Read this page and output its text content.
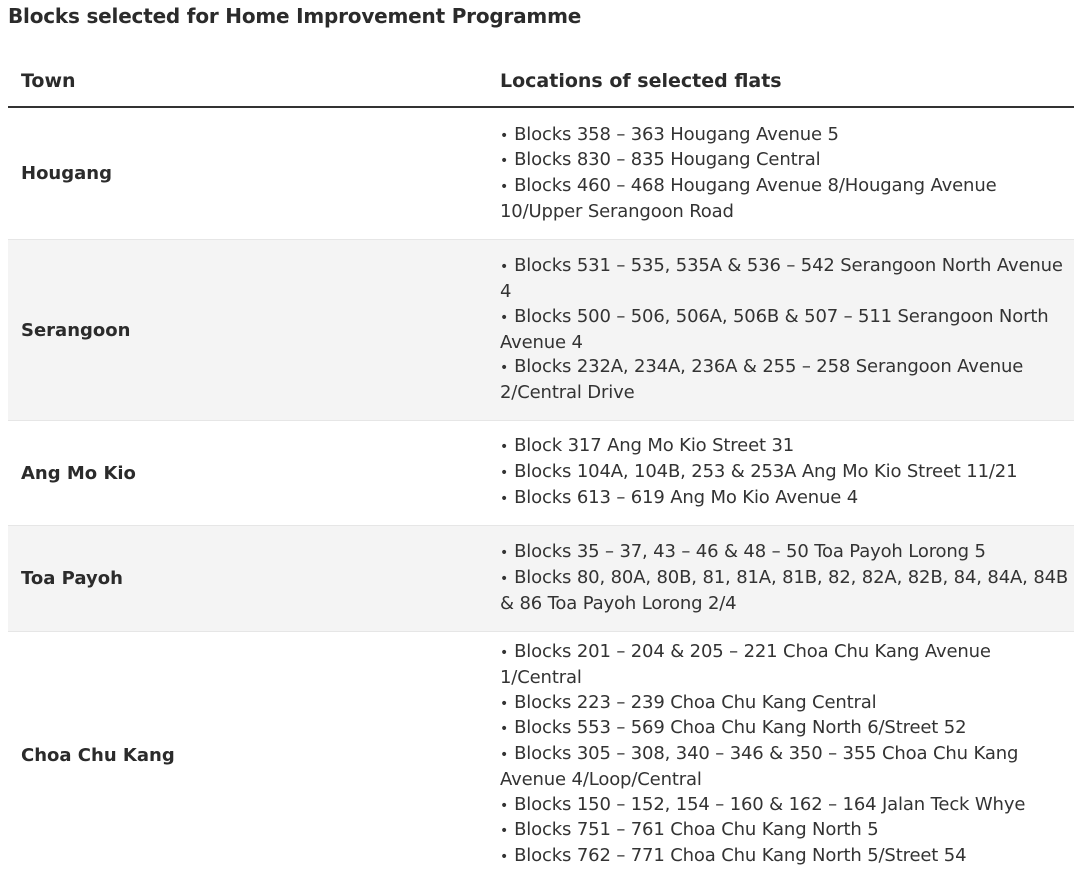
Blocks selected for Home Improvement Programme
Town	Locations of selected flats
Hougang
• Blocks 358 – 363 Hougang Avenue 5
• Blocks 830 – 835 Hougang Central
• Blocks 460 – 468 Hougang Avenue 8/Hougang Avenue 10/Upper Serangoon Road
Serangoon
• Blocks 531 – 535, 535A & 536 – 542 Serangoon North Avenue 4
• Blocks 500 – 506, 506A, 506B & 507 – 511 Serangoon North Avenue 4
• Blocks 232A, 234A, 236A & 255 – 258 Serangoon Avenue 2/Central Drive
Ang Mo Kio
• Block 317 Ang Mo Kio Street 31
• Blocks 104A, 104B, 253 & 253A Ang Mo Kio Street 11/21
• Blocks 613 – 619 Ang Mo Kio Avenue 4
Toa Payoh
• Blocks 35 – 37, 43 – 46 & 48 – 50 Toa Payoh Lorong 5
• Blocks 80, 80A, 80B, 81, 81A, 81B, 82, 82A, 82B, 84, 84A, 84B & 86 Toa Payoh Lorong 2/4
Choa Chu Kang
• Blocks 201 – 204 & 205 – 221 Choa Chu Kang Avenue 1/Central
• Blocks 223 – 239 Choa Chu Kang Central
• Blocks 553 – 569 Choa Chu Kang North 6/Street 52
• Blocks 305 – 308, 340 – 346 & 350 – 355 Choa Chu Kang Avenue 4/Loop/Central
• Blocks 150 – 152, 154 – 160 & 162 – 164 Jalan Teck Whye
• Blocks 751 – 761 Choa Chu Kang North 5
• Blocks 762 – 771 Choa Chu Kang North 5/Street 54
